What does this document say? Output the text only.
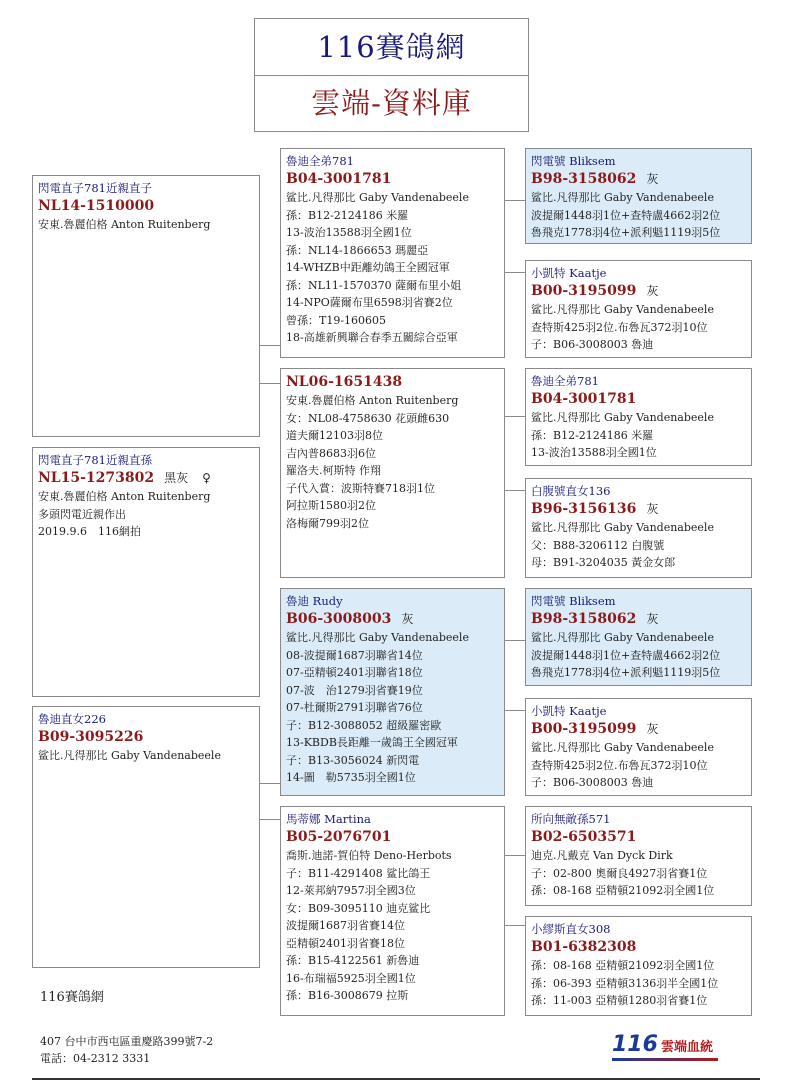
116賽鴿網
雲端-資料庫
閃電直子781近親直子
NL14-1510000
安東.魯麗伯格 Anton Ruitenberg
閃電直子781近親直孫
NL15-1273802 黑灰 ♀
安東.魯麗伯格 Anton Ruitenberg
多頭閃電近親作出
2019.9.6　116網拍
魯迪直女226
B09-3095226
鲨比.凡得那比 Gaby Vandenabeele
魯迪全弟781
B04-3001781
鲨比.凡得那比 Gaby Vandenabeele
孫：B12-2124186 米羅
13-波治13588羽全國1位
孫：NL14-1866653 瑪麗亞
14-WHZB中距離幼鴿王全國冠軍
孫：NL11-1570370 薩爾布里小姐
14-NPO薩爾布里6598羽省賽2位
曾孫：T19-160605
18-高雄新興聯合春季五關綜合亞軍
NL06-1651438
安東.魯麗伯格 Anton Ruitenberg
女：NL08-4758630 花頭雌630
道夫爾12103羽8位
吉內普8683羽6位
羅洛夫.柯斯特 作翔
子代入賞：波斯特賽718羽1位
阿拉斯1580羽2位
洛梅爾799羽2位
魯迪 Rudy
B06-3008003 灰
鲨比.凡得那比 Gaby Vandenabeele
08-波提爾1687羽聯省14位
07-亞精頓2401羽聯省18位
07-波　治1279羽省賽19位
07-杜爾斯2791羽聯省76位
子：B12-3088052 超級羅密歐
13-KBDB長距離一歲鴿王全國冠軍
子：B13-3056024 新閃電
14-圖　勒5735羽全國1位
馬蒂娜 Martina
B05-2076701
喬斯.迪諾-賀伯特 Deno-Herbots
子：B11-4291408 鲨比鴿王
12-萊邦納7957羽全國3位
女：B09-3095110 迪克鲨比
波提爾1687羽省賽14位
亞精頓2401羽省賽18位
孫：B15-4122561 新魯迪
16-布瑞福5925羽全國1位
孫：B16-3008679 拉斯
閃電號 Bliksem
B98-3158062 灰
鲨比.凡得那比 Gaby Vandenabeele
波提爾1448羽1位+查特盧4662羽2位
魯飛克1778羽4位+派利魁1119羽5位
小凱特 Kaatje
B00-3195099 灰
鲨比.凡得那比 Gaby Vandenabeele
查特斯425羽2位.布魯瓦372羽10位
子：B06-3008003 魯迪
魯迪全弟781
B04-3001781
鲨比.凡得那比 Gaby Vandenabeele
孫：B12-2124186 米羅
13-波治13588羽全國1位
白腹號直女136
B96-3156136 灰
鲨比.凡得那比 Gaby Vandenabeele
父：B88-3206112 白腹號
母：B91-3204035 黃金女郎
閃電號 Bliksem
B98-3158062 灰
鲨比.凡得那比 Gaby Vandenabeele
波提爾1448羽1位+查特盧4662羽2位
魯飛克1778羽4位+派利魁1119羽5位
小凱特 Kaatje
B00-3195099 灰
鲨比.凡得那比 Gaby Vandenabeele
查特斯425羽2位.布魯瓦372羽10位
子：B06-3008003 魯迪
所向無敵孫571
B02-6503571
迪克.凡戴克 Van Dyck Dirk
子：02-800 奧爾良4927羽省賽1位
孫：08-168 亞精頓21092羽全國1位
小繆斯直女308
B01-6382308
孫：08-168 亞精頓21092羽全國1位
孫：06-393 亞精頓3136羽半全國1位
孫：11-003 亞精頓1280羽省賽1位
116賽鴿網
407 台中市西屯區重慶路399號7-2
電話：04-2312 3331
116 雲端血統
